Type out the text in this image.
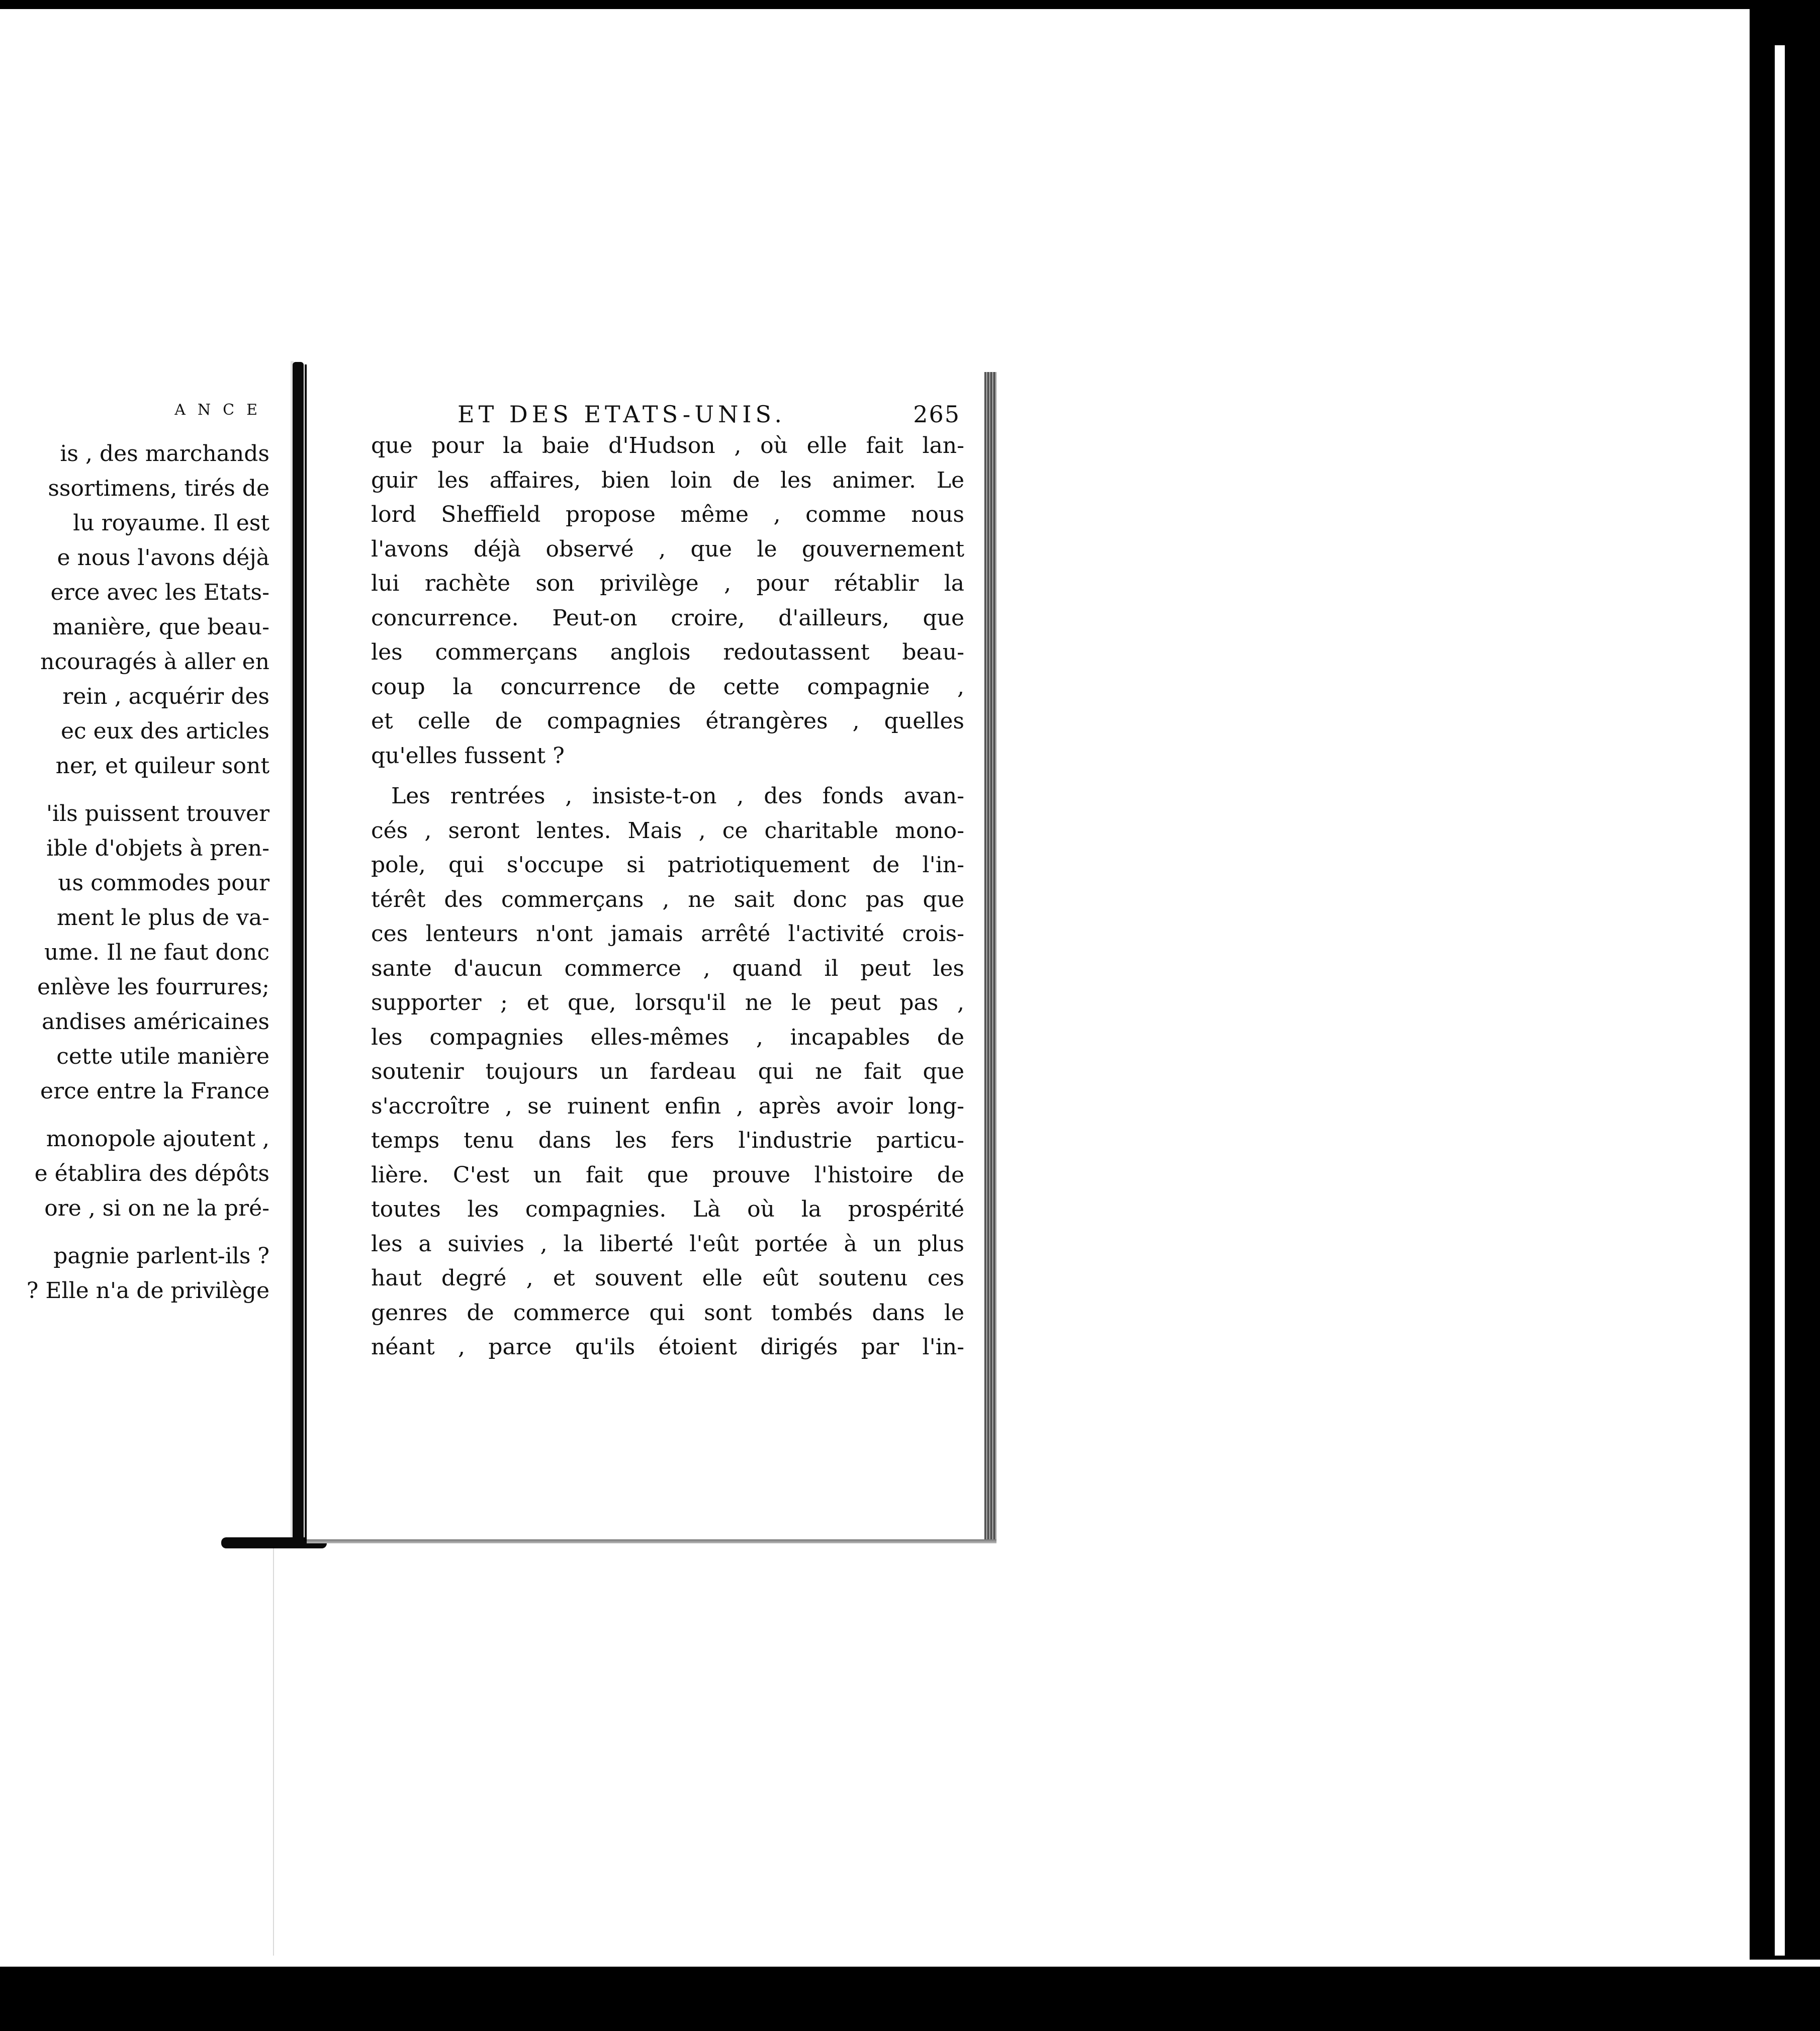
ANCE
is , des marchands
ssortimens, tirés de
lu royaume. Il est
e nous l'avons déjà
erce avec les Etats-
manière, que beau-
ncouragés à aller en
rein , acquérir des
ec eux des articles
ner, et quileur sont
'ils puissent trouver
ible d'objets à pren-
us commodes pour
ment le plus de va-
ume. Il ne faut donc
enlève les fourrures;
andises américaines
cette utile manière
erce entre la France
monopole ajoutent ,
e établira des dépôts
ore , si on ne la pré-
pagnie parlent-ils ?
? Elle n'a de privilège
ET DES ETATS-UNIS.	265
que pour la baie d'Hudson , où elle fait lan-
guir les affaires, bien loin de les animer. Le
lord Sheffield propose même , comme nous
l'avons déjà observé , que le gouvernement
lui rachète son privilège , pour rétablir la
concurrence. Peut-on croire, d'ailleurs, que
les commerçans anglois redoutassent beau-
coup la concurrence de cette compagnie ,
et celle de compagnies étrangères , quelles
qu'elles fussent ?
Les rentrées , insiste-t-on , des fonds avan-
cés , seront lentes. Mais , ce charitable mono-
pole, qui s'occupe si patriotiquement de l'in-
térêt des commerçans , ne sait donc pas que
ces lenteurs n'ont jamais arrêté l'activité crois-
sante d'aucun commerce , quand il peut les
supporter ; et que, lorsqu'il ne le peut pas ,
les compagnies elles-mêmes , incapables de
soutenir toujours un fardeau qui ne fait que
s'accroître , se ruinent enfin , après avoir long-
temps tenu dans les fers l'industrie particu-
lière. C'est un fait que prouve l'histoire de
toutes les compagnies. Là où la prospérité
les a suivies , la liberté l'eût portée à un plus
haut degré , et souvent elle eût soutenu ces
genres de commerce qui sont tombés dans le
néant , parce qu'ils étoient dirigés par l'in-
